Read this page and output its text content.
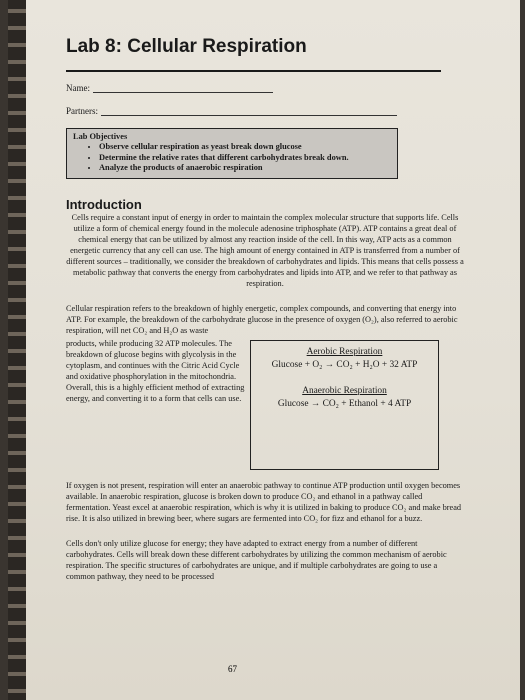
Lab 8: Cellular Respiration
Name:
Partners:
Lab Objectives
• Observe cellular respiration as yeast break down glucose
• Determine the relative rates that different carbohydrates break down.
• Analyze the products of anaerobic respiration
Introduction

Cells require a constant input of energy in order to maintain the complex molecular structure that supports life. Cells utilize a form of chemical energy found in the molecule adenosine triphosphate (ATP). ATP contains a great deal of chemical energy that can be utilized by almost any reaction inside of the cell. In this way, ATP acts as a common energetic currency that any cell can use. The high amount of energy contained in ATP is transferred from a number of different sources – traditionally, we consider the breakdown of carbohydrates and lipids. This means that cells possess a metabolic pathway that converts the energy from carbohydrates and lipids into ATP, and we refer to that pathway as respiration.

Cellular respiration refers to the breakdown of highly energetic, complex compounds, and converting that energy into ATP. For example, the breakdown of the carbohydrate glucose in the presence of oxygen (O₂), also referred to aerobic respiration, will net CO₂ and H₂O as waste

products, while producing 32 ATP molecules. The breakdown of glucose begins with glycolysis in the cytoplasm, and continues with the Citric Acid Cycle and oxidative phosphorylation in the mitochondria. Overall, this is a highly efficient method of extracting energy, and converting it to a form that cells can use.
Aerobic Respiration
Glucose + O₂ → CO₂ + H₂O + 32 ATP
Anaerobic Respiration
Glucose → CO₂ + Ethanol + 4 ATP

If oxygen is not present, respiration will enter an anaerobic pathway to continue ATP production until oxygen becomes available. In anaerobic respiration, glucose is broken down to produce CO₂ and ethanol in a pathway called fermentation. Yeast excel at anaerobic respiration, which is why it is utilized in baking to produce CO₂ and make bread rise. It is also utilized in brewing beer, where sugars are fermented into CO₂ for fizz and ethanol for a buzz.

Cells don't only utilize glucose for energy; they have adapted to extract energy from a number of different carbohydrates. Cells will break down these different carbohydrates by utilizing the common mechanism of aerobic respiration. The specific structures of carbohydrates are unique, and if multiple carbohydrates are going to use a common pathway, they need to be processed

67
